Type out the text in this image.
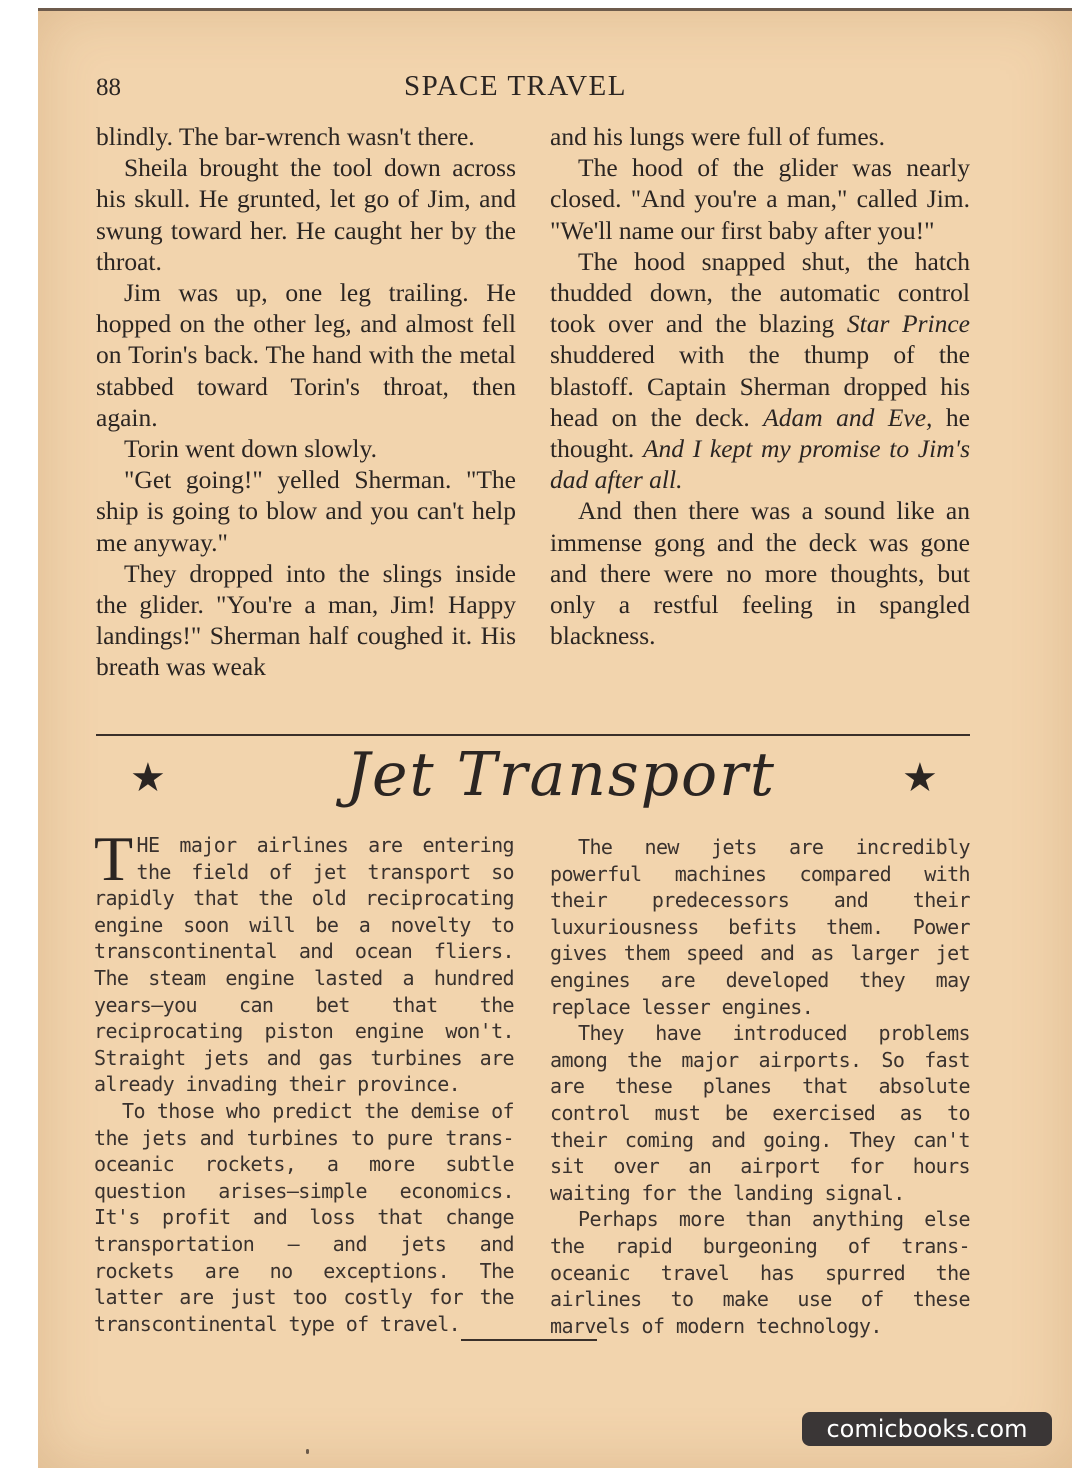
88	SPACE TRAVEL

blindly. The bar-wrench wasn't there.

Sheila brought the tool down across his skull. He grunted, let go of Jim, and swung toward her. He caught her by the throat.

Jim was up, one leg trailing. He hopped on the other leg, and almost fell on Torin's back. The hand with the metal stabbed toward Torin's throat, then again.

Torin went down slowly.

"Get going!" yelled Sherman. "The ship is going to blow and you can't help me anyway."

They dropped into the slings inside the glider. "You're a man, Jim! Happy landings!" Sherman half coughed it. His breath was weak

and his lungs were full of fumes.

The hood of the glider was nearly closed. "And you're a man," called Jim. "We'll name our first baby after you!"

The hood snapped shut, the hatch thudded down, the automatic control took over and the blazing Star Prince shuddered with the thump of the blastoff. Captain Sherman dropped his head on the deck. Adam and Eve, he thought. And I kept my promise to Jim's dad after all.

And then there was a sound like an immense gong and the deck was gone and there were no more thoughts, but only a restful feeling in spangled blackness.

★	Jet Transport	★

THE major airlines are entering the field of jet transport so rapidly that the old reciprocating engine soon will be a novelty to transcontinental and ocean fliers. The steam engine lasted a hundred years—you can bet that the reciprocating piston engine won't. Straight jets and gas turbines are already invading their province.

To those who predict the demise of the jets and turbines to pure trans-oceanic rockets, a more subtle question arises—simple economics. It's profit and loss that change transportation — and jets and rockets are no exceptions. The latter are just too costly for the transcontinental type of travel.

The new jets are incredibly powerful machines compared with their predecessors and their luxuriousness befits them. Power gives them speed and as larger jet engines are developed they may replace lesser engines.

They have introduced problems among the major airports. So fast are these planes that absolute control must be exercised as to their coming and going. They can't sit over an airport for hours waiting for the landing signal.

Perhaps more than anything else the rapid burgeoning of trans-oceanic travel has spurred the airlines to make use of these marvels of modern technology.

comicbooks.com
